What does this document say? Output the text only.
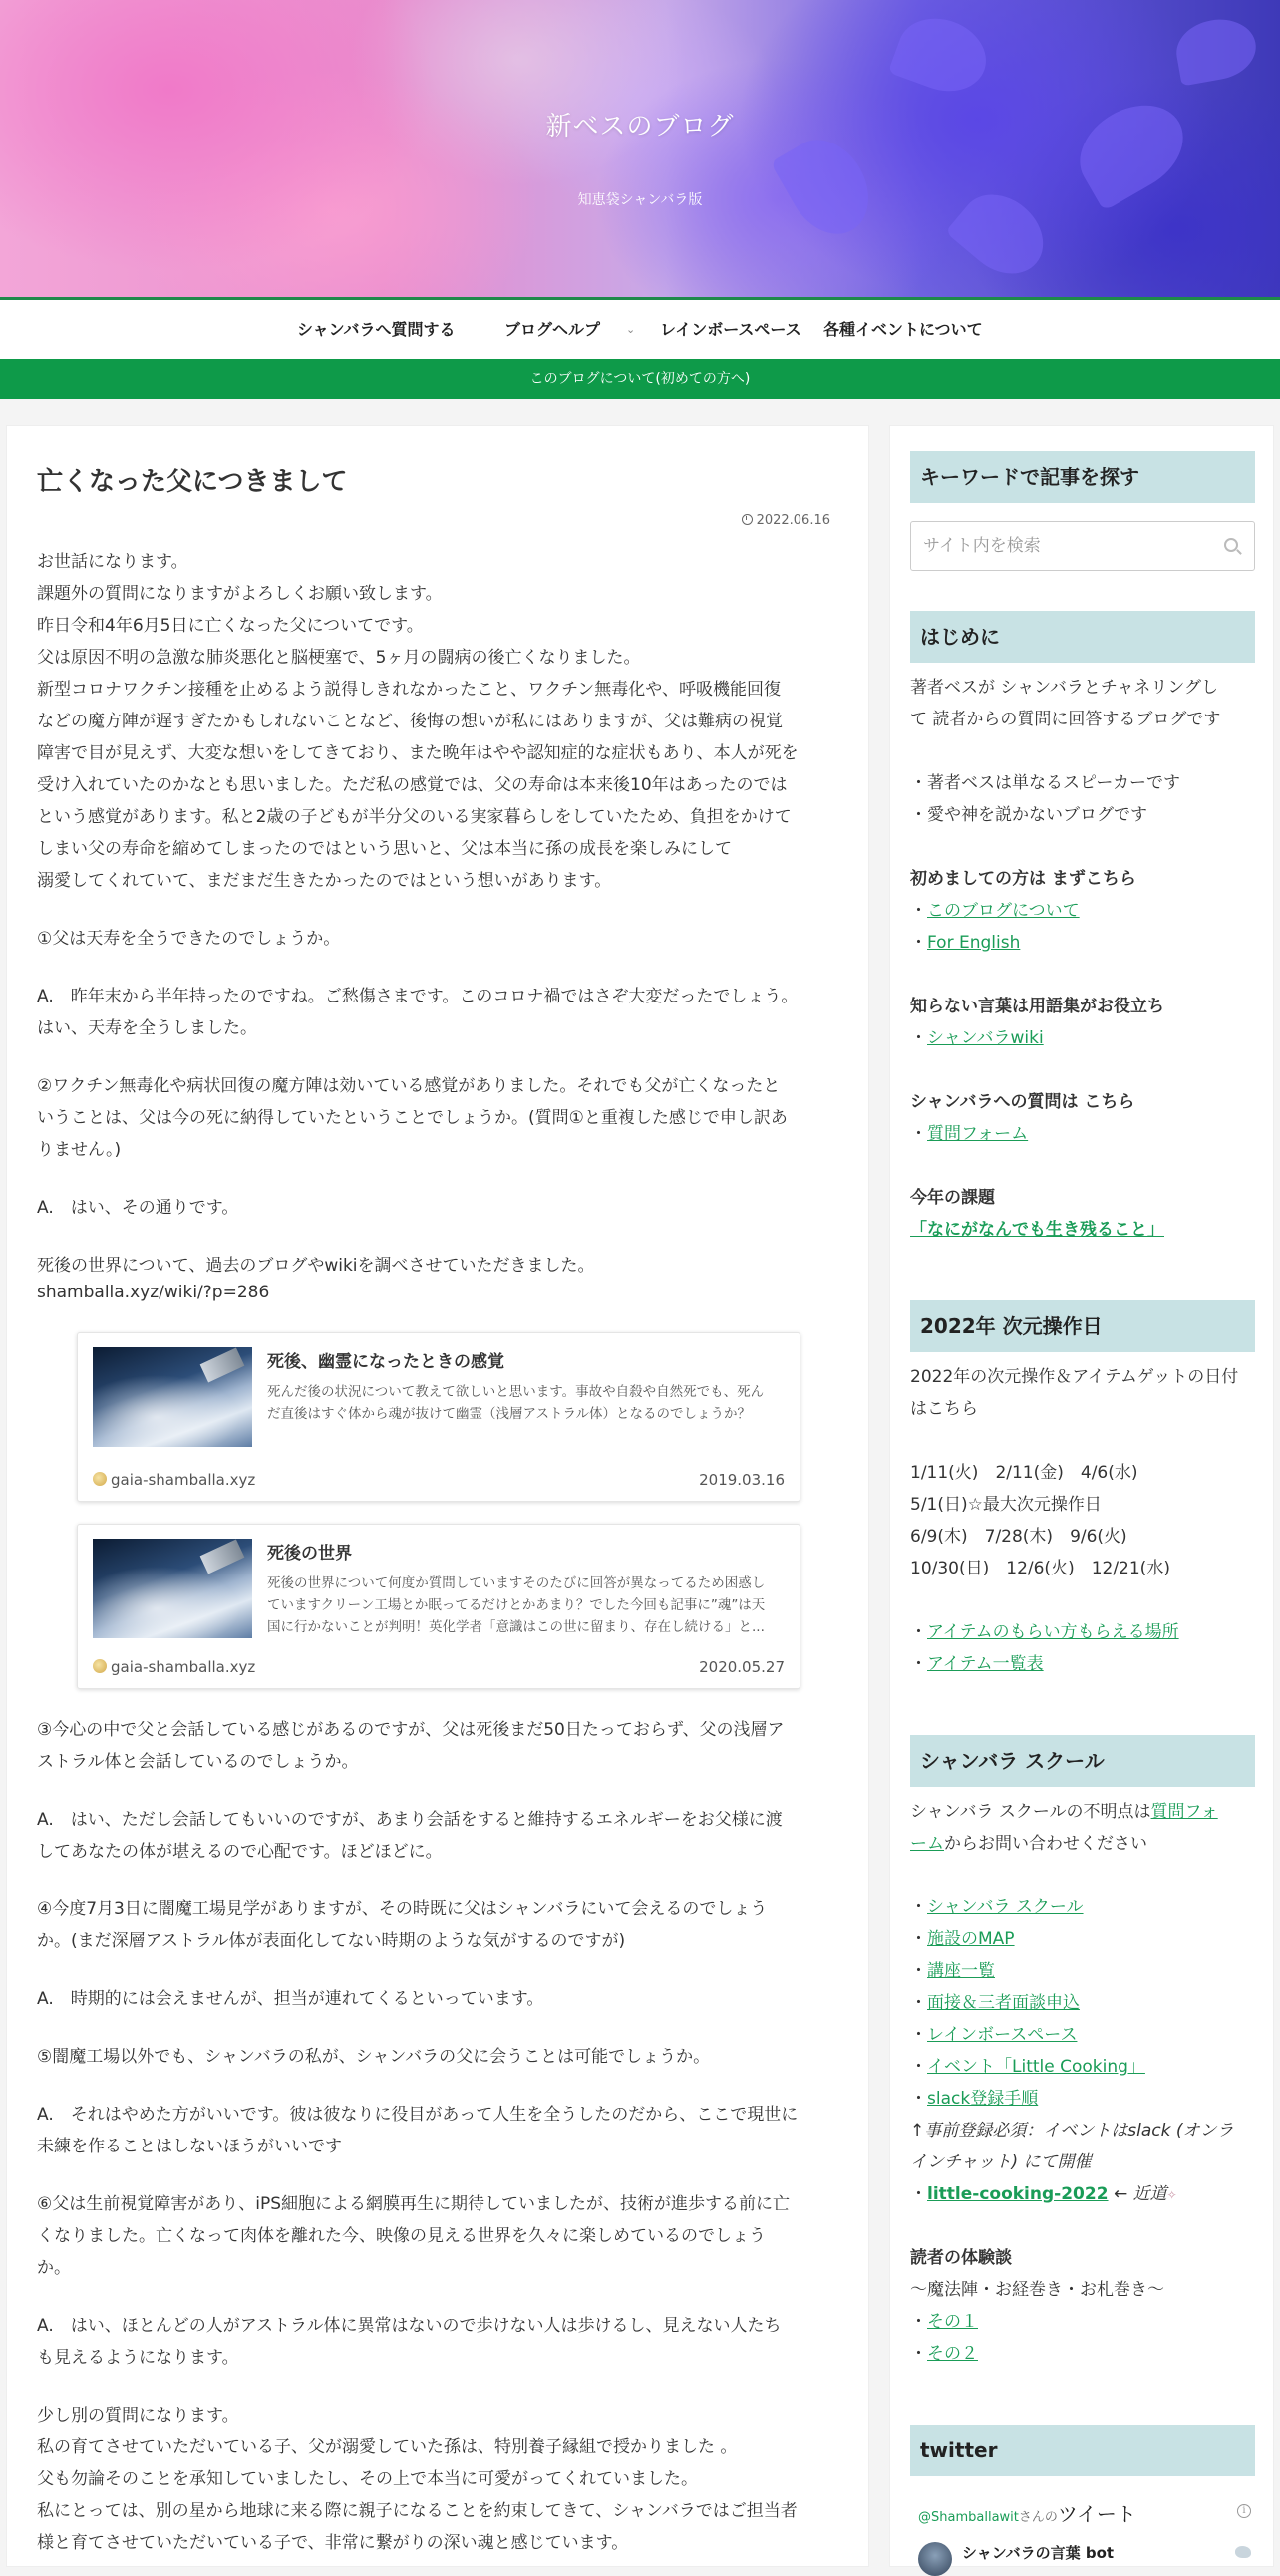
新ベスのブログ
知恵袋シャンバラ版
シャンバラへ質問する	ブログヘルプ ⌄ レインボースペース 各種イベントについて
このブログについて(初めての方へ)
亡くなった父につきまして
2022.06.16
お世話になります。
課題外の質問になりますがよろしくお願い致します。
昨日令和4年6月5日に亡くなった父についてです。
父は原因不明の急激な肺炎悪化と脳梗塞で、5ヶ月の闘病の後亡くなりました。
新型コロナワクチン接種を止めるよう説得しきれなかったこと、ワクチン無毒化や、呼吸機能回復
などの魔方陣が遅すぎたかもしれないことなど、後悔の想いが私にはありますが、父は難病の視覚
障害で目が見えず、大変な想いをしてきており、また晩年はやや認知症的な症状もあり、本人が死を
受け入れていたのかなとも思いました。ただ私の感覚では、父の寿命は本来後10年はあったのでは
という感覚があります。私と2歳の子どもが半分父のいる実家暮らしをしていたため、負担をかけて
しまい父の寿命を縮めてしまったのではという思いと、父は本当に孫の成長を楽しみにして
溺愛してくれていて、まだまだ生きたかったのではという想いがあります。
①父は天寿を全うできたのでしょうか。
A.　昨年末から半年持ったのですね。ご愁傷さまです。このコロナ禍ではさぞ大変だったでしょう。
はい、天寿を全うしました。
②ワクチン無毒化や病状回復の魔方陣は効いている感覚がありました。それでも父が亡くなったと
いうことは、父は今の死に納得していたということでしょうか。(質問①と重複した感じで申し訳あ
りません。)
A.　はい、その通りです。
死後の世界について、過去のブログやwikiを調べさせていただきました。
shamballa.xyz/wiki/?p=286
死後、幽霊になったときの感覚
死んだ後の状況について教えて欲しいと思います。事故や自殺や自然死でも、死ん
だ直後はすぐ体から魂が抜けて幽霊（浅層アストラル体）となるのでしょうか？
gaia-shamballa.xyz	2019.03.16
死後の世界
死後の世界について何度か質問していますそのたびに回答が異なってるため困惑し
ていますクリーン工場とか眠ってるだけとかあまり？でした今回も記事に”魂”は天
国に行かないことが判明！英化学者「意識はこの世に留まり、存在し続ける」と...
gaia-shamballa.xyz	2020.05.27
③今心の中で父と会話している感じがあるのですが、父は死後まだ50日たっておらず、父の浅層ア
ストラル体と会話しているのでしょうか。
A.　はい、ただし会話してもいいのですが、あまり会話をすると維持するエネルギーをお父様に渡
してあなたの体が堪えるので心配です。ほどほどに。
④今度7月3日に闇魔工場見学がありますが、その時既に父はシャンバラにいて会えるのでしょう
か。(まだ深層アストラル体が表面化してない時期のような気がするのですが)
A.　時期的には会えませんが、担当が連れてくるといっています。
⑤闇魔工場以外でも、シャンバラの私が、シャンバラの父に会うことは可能でしょうか。
A.　それはやめた方がいいです。彼は彼なりに役目があって人生を全うしたのだから、ここで現世に
未練を作ることはしないほうがいいです
⑥父は生前視覚障害があり、iPS細胞による網膜再生に期待していましたが、技術が進歩する前に亡
くなりました。亡くなって肉体を離れた今、映像の見える世界を久々に楽しめているのでしょう
か。
A.　はい、ほとんどの人がアストラル体に異常はないので歩けない人は歩けるし、見えない人たち
も見えるようになります。
少し別の質問になります。
私の育てさせていただいている子、父が溺愛していた孫は、特別養子縁組で授かりました 。
父も勿論そのことを承知していましたし、その上で本当に可愛がってくれていました。
私にとっては、別の星から地球に来る際に親子になることを約束してきて、シャンバラではご担当者
様と育てさせていただいている子で、非常に繋がりの深い魂と感じています。
キーワードで記事を探す
サイト内を検索
はじめに
著者ベスが シャンバラとチャネリングし
て 読者からの質問に回答するブログです
・著者ベスは単なるスピーカーです
・愛や神を説かないブログです
初めましての方は まずこちら
・このブログについて
・For English
知らない言葉は用語集がお役立ち
・シャンバラwiki
シャンバラへの質問は こちら
・質問フォーム
今年の課題
「なにがなんでも生き残ること」
2022年 次元操作日
2022年の次元操作＆アイテムゲットの日付
はこちら
1/11(火)　2/11(金)　4/6(水)
5/1(日)☆最大次元操作日
6/9(木)　7/28(木)　9/6(火)
10/30(日)　12/6(火)　12/21(水)
・アイテムのもらい方もらえる場所
・アイテム一覧表
シャンバラ スクール
シャンバラ スクールの不明点は質問フォ
ームからお問い合わせください
・シャンバラ スクール
・施設のMAP
・講座一覧
・面接＆三者面談申込
・レインボースペース
・イベント「Little Cooking」
・slack登録手順
↑事前登録必須：イベントはslack (オンラ
インチャット) にて開催
・little-cooking-2022 ← 近道✧
読者の体験談
〜魔法陣・お経巻き・お札巻き〜
・その１
・その２
twitter
@Shamballawitさんのツイート	i
シャンバラの言葉 bot
